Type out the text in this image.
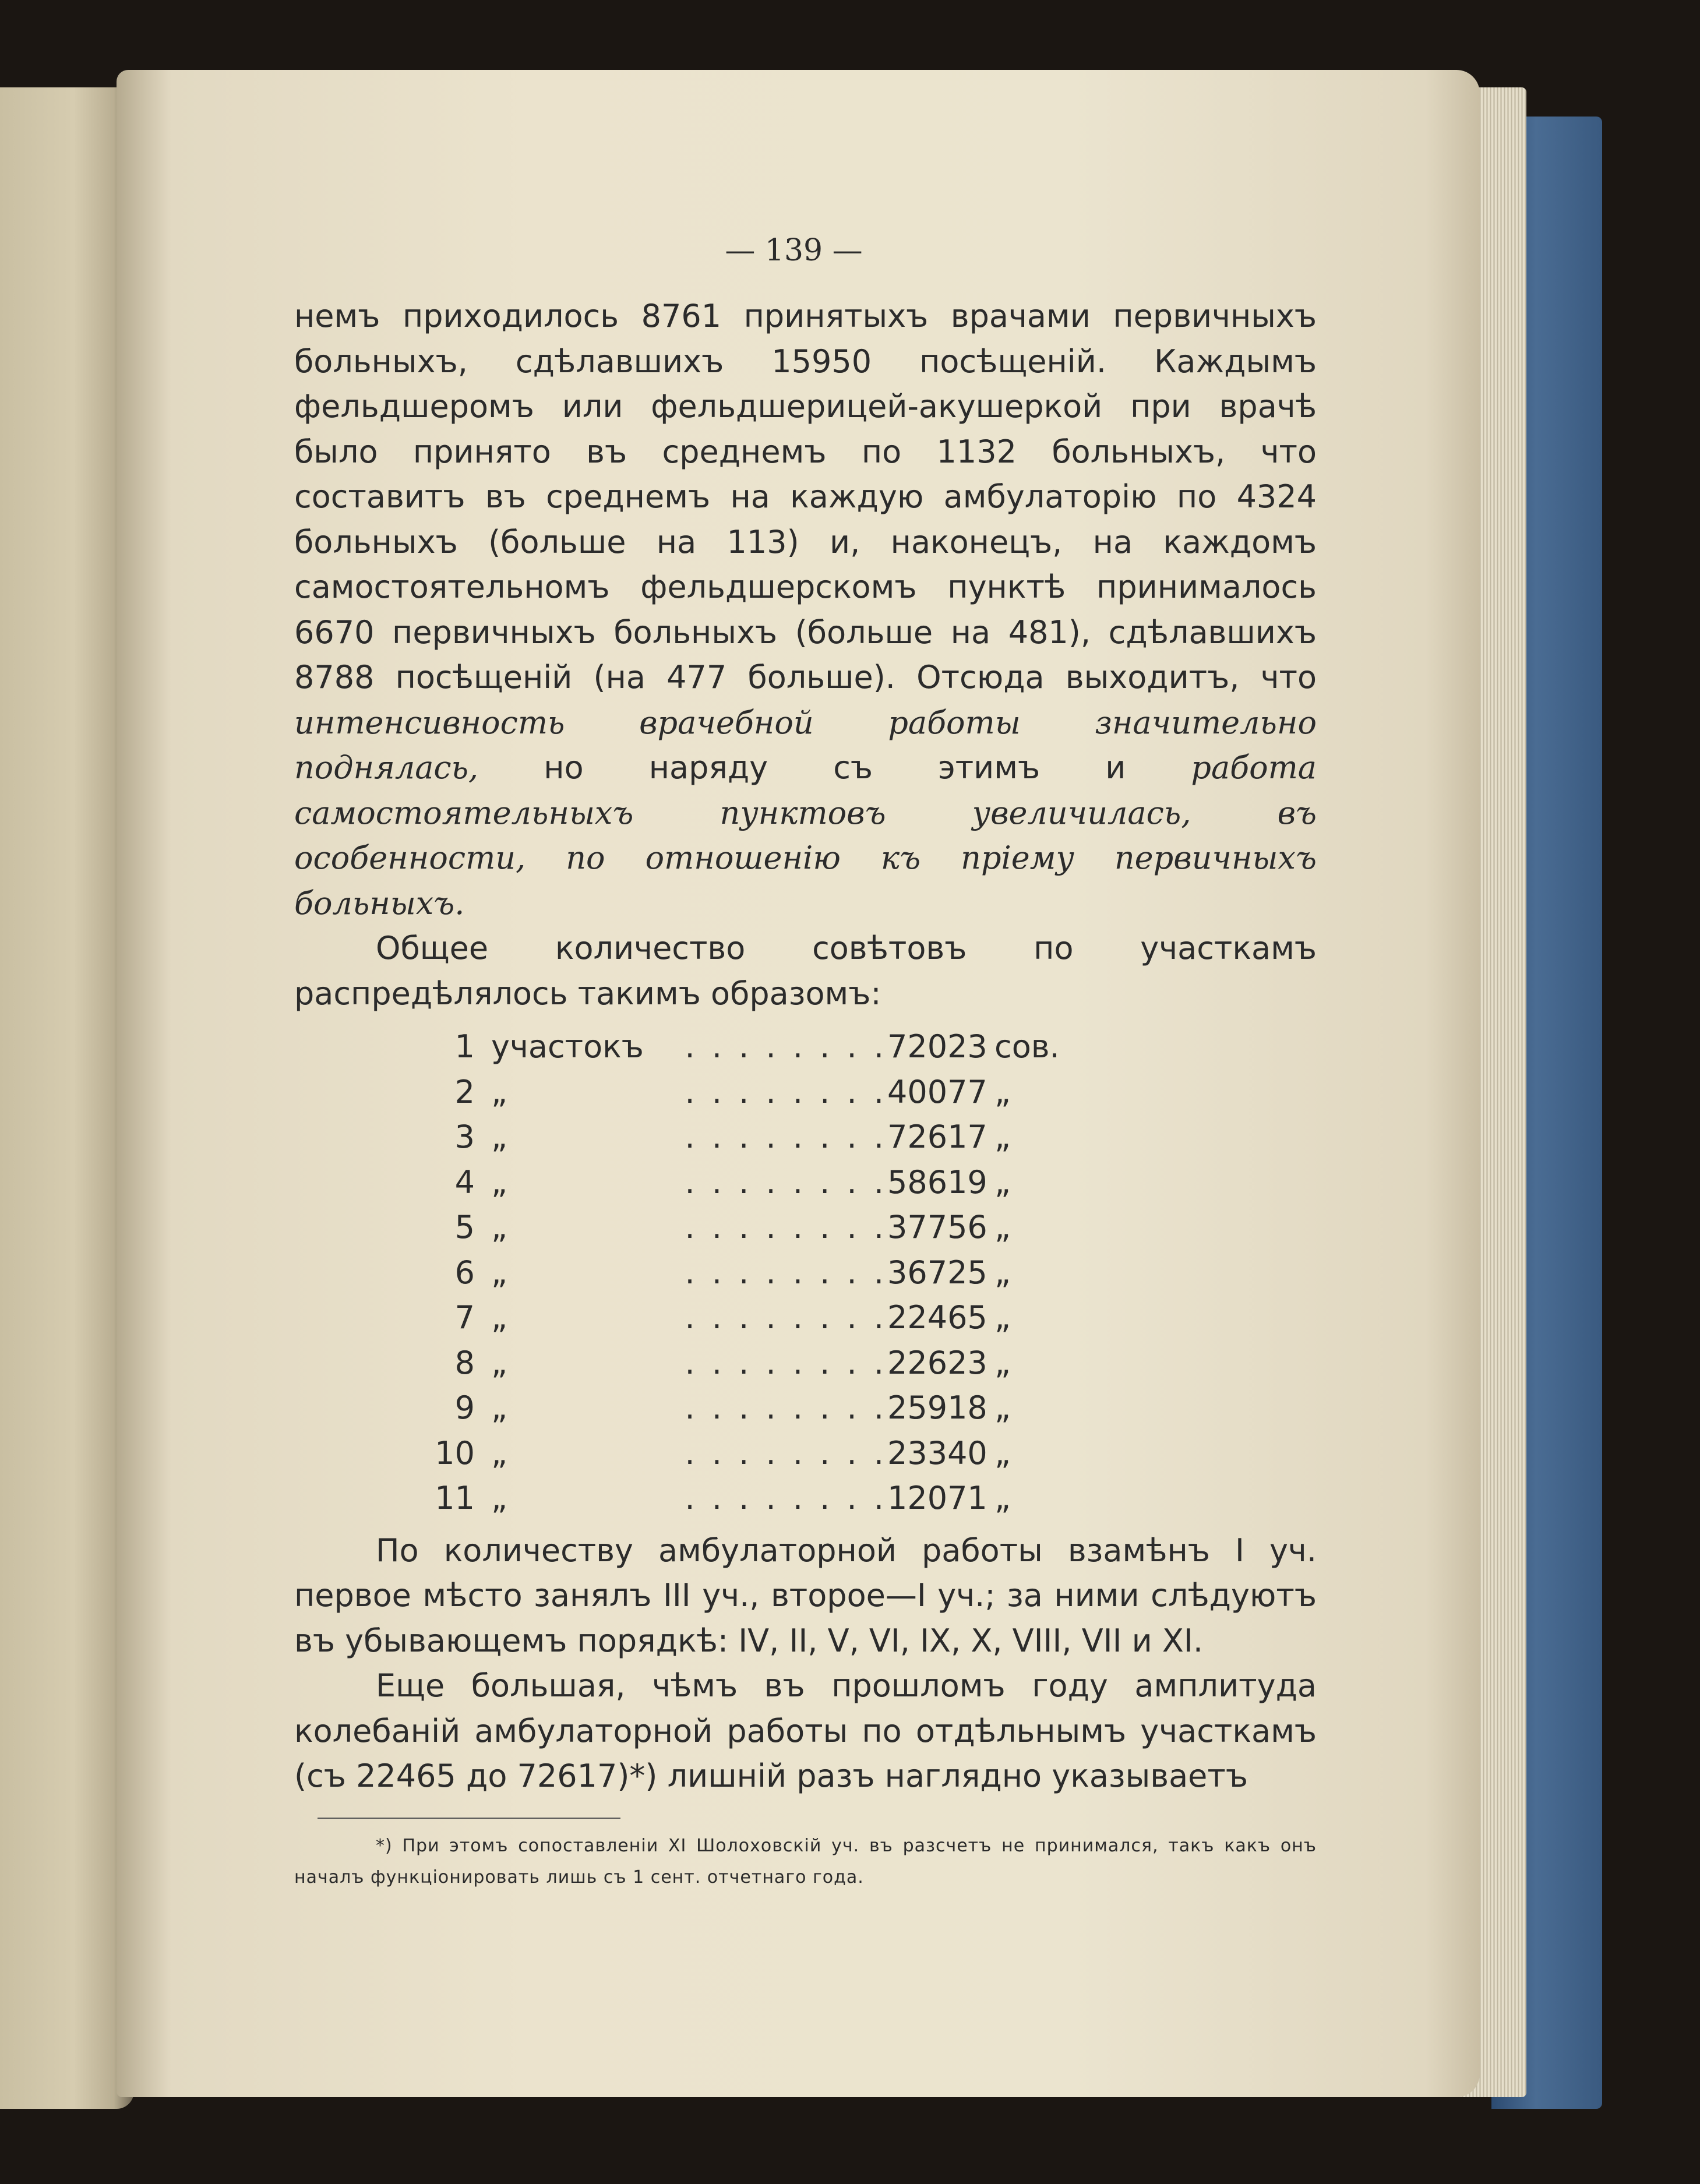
— 139 —

немъ приходилось 8761 принятыхъ врачами первичныхъ больныхъ, сдѣлавшихъ 15950 посѣщеній. Каждымъ фельдшеромъ или фельдшерицей-акушеркой при врачѣ было принято въ среднемъ по 1132 больныхъ, что составитъ въ среднемъ на каждую амбулаторію по 4324 больныхъ (больше на 113) и, наконецъ, на каждомъ самостоятельномъ фельдшерскомъ пунктѣ принималось 6670 первичныхъ больныхъ (больше на 481), сдѣлавшихъ 8788 посѣщеній (на 477 больше). Отсюда выходитъ, что интенсивность врачебной работы значительно поднялась, но наряду съ этимъ и работа самостоятельныхъ пунктовъ увеличилась, въ особенности, по отношенію къ пріему первичныхъ больныхъ.

Общее количество совѣтовъ по участкамъ распредѣлялось такимъ образомъ:

1 участокъ	. . . . . . . . 72023 сов.
2 „	. . . . . . . . 40077 „
3 „	. . . . . . . . 72617 „
4 „	. . . . . . . . 58619 „
5 „	. . . . . . . . 37756 „
6 „	. . . . . . . . 36725 „
7 „	. . . . . . . . 22465 „
8 „	. . . . . . . . 22623 „
9 „	. . . . . . . . 25918 „
10 „	. . . . . . . . 23340 „
11 „	. . . . . . . . 12071 „

По количеству амбулаторной работы взамѣнъ I уч. первое мѣсто занялъ III уч., второе—I уч.; за ними слѣдуютъ въ убывающемъ порядкѣ: IV, II, V, VI, IX, X, VIII, VII и XI.

Еще большая, чѣмъ въ прошломъ году амплитуда колебаній амбулаторной работы по отдѣльнымъ участкамъ (съ 22465 до 72617)*) лишній разъ наглядно указываетъ

*) При этомъ сопоставленіи XI Шолоховскій уч. въ разсчетъ не принимался, такъ какъ онъ началъ функціонировать лишь съ 1 сент. отчетнаго года.
